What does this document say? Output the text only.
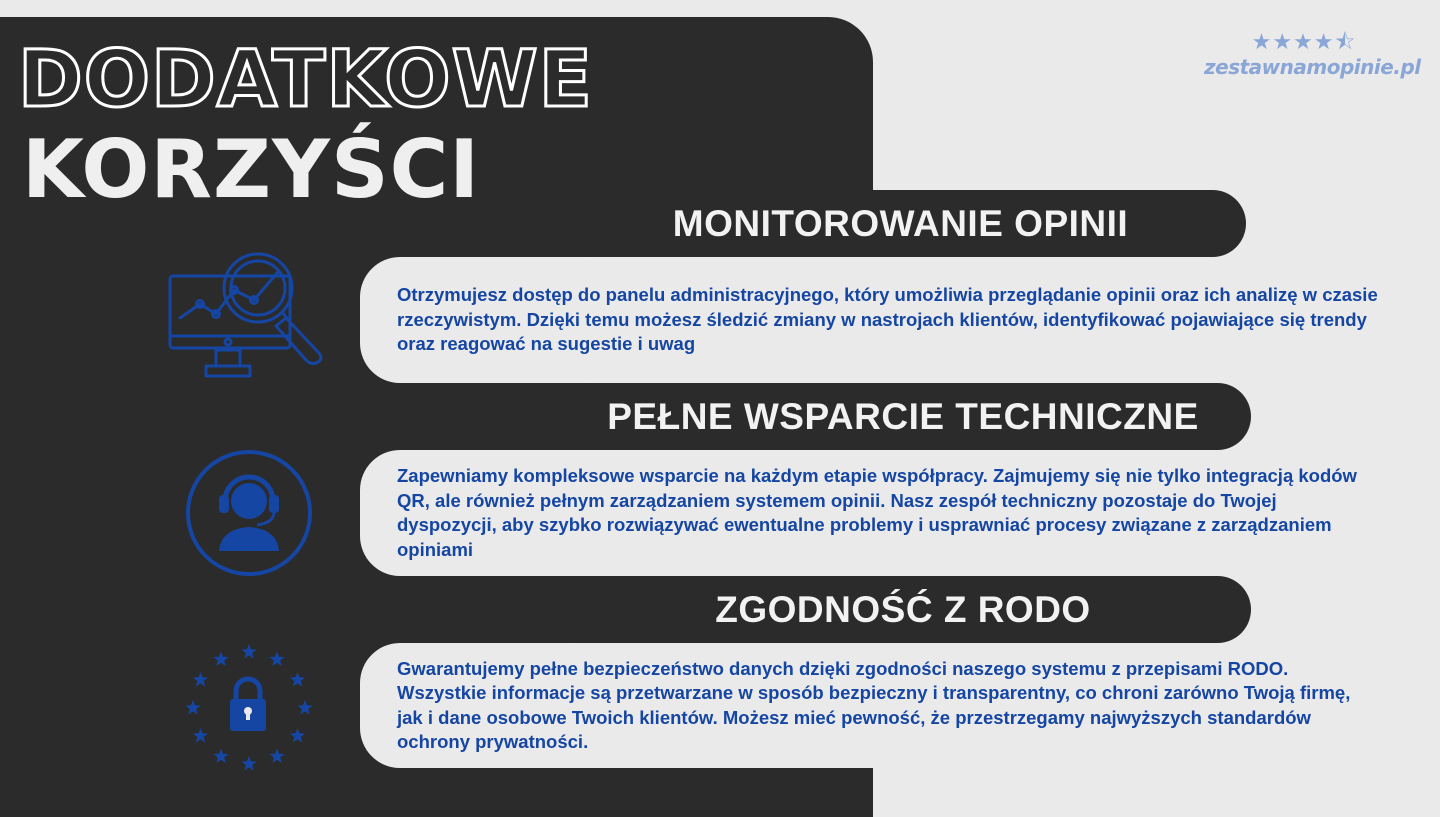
DODATKOWE
KORZYŚCI
★★★★⯪
zestawnamopinie.pl
MONITOROWANIE OPINII
Otrzymujesz dostęp do panelu administracyjnego, który umożliwia przeglądanie opinii oraz ich analizę w czasie rzeczywistym. Dzięki temu możesz śledzić zmiany w nastrojach klientów, identyfikować pojawiające się trendy oraz reagować na sugestie i uwag
PEŁNE WSPARCIE TECHNICZNE
Zapewniamy kompleksowe wsparcie na każdym etapie współpracy. Zajmujemy się nie tylko integracją kodów QR, ale również pełnym zarządzaniem systemem opinii. Nasz zespół techniczny pozostaje do Twojej dyspozycji, aby szybko rozwiązywać ewentualne problemy i usprawniać procesy związane z zarządzaniem opiniami
ZGODNOŚĆ Z RODO
Gwarantujemy pełne bezpieczeństwo danych dzięki zgodności naszego systemu z przepisami RODO. Wszystkie informacje są przetwarzane w sposób bezpieczny i transparentny, co chroni zarówno Twoją firmę, jak i dane osobowe Twoich klientów. Możesz mieć pewność, że przestrzegamy najwyższych standardów ochrony prywatności.
